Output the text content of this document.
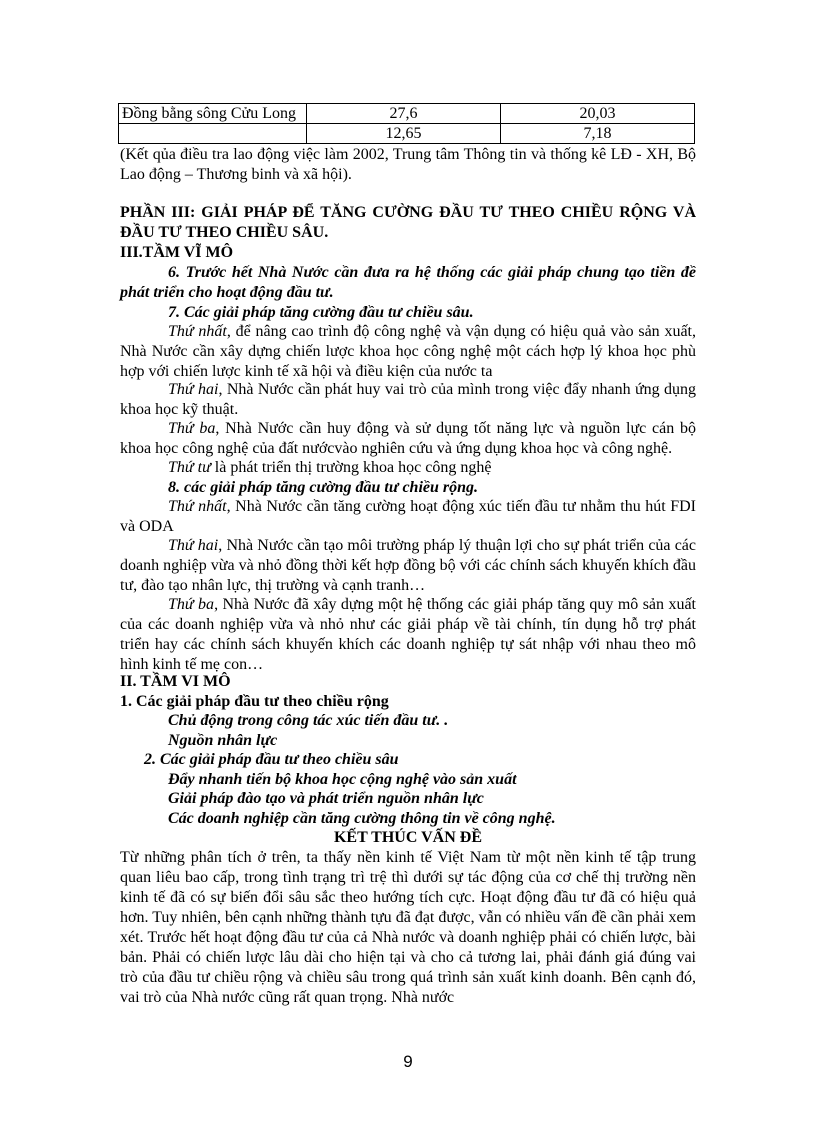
Đồng bằng sông Cửu Long	27,6	20,03
	12,65	7,18
(Kết qủa điều tra lao động việc làm 2002, Trung tâm Thông tin và thống kê LĐ - XH, Bộ Lao động – Thương binh và xã hội).
PHẦN III: GIẢI PHÁP ĐỂ TĂNG CƯỜNG ĐẦU TƯ THEO CHIỀU RỘNG VÀ ĐẦU TƯ THEO CHIỀU SÂU.
III.TẦM VĨ MÔ
6. Trước hết Nhà Nước cần đưa ra hệ thống các giải pháp chung tạo tiền đề phát triển cho hoạt động đầu tư.
7. Các giải pháp tăng cường đầu tư chiều sâu.
Thứ nhất, để nâng cao trình độ công nghệ và vận dụng có hiệu quả vào sản xuất, Nhà Nước cần xây dựng chiến lược khoa học công nghệ một cách hợp lý khoa học phù hợp với chiến lược kinh tế xã hội và điều kiện của nước ta
Thứ hai, Nhà Nước cần phát huy vai trò của mình trong việc đẩy nhanh ứng dụng khoa học kỹ thuật.
Thứ ba, Nhà Nước cần huy động và sử dụng tốt năng lực và nguồn lực cán bộ khoa học công nghệ của đất nướcvào nghiên cứu và ứng dụng khoa học và công nghệ.
Thứ tư là phát triển thị trường khoa học công nghệ
8. các giải pháp tăng cường đầu tư chiều rộng.
Thứ nhất, Nhà Nước cần tăng cường hoạt động xúc tiến đầu tư nhằm thu hút FDI và ODA
Thứ hai, Nhà Nước cần tạo môi trường pháp lý thuận lợi cho sự phát triển của các doanh nghiệp vừa và nhỏ đồng thời kết hợp đồng bộ với các chính sách khuyến khích đầu tư, đào tạo nhân lực, thị trường và cạnh tranh…
Thứ ba, Nhà Nước đã xây dựng một hệ thống các giải pháp tăng quy mô sản xuất của các doanh nghiệp vừa và nhỏ như các giải pháp về tài chính, tín dụng hỗ trợ phát triển hay các chính sách khuyến khích các doanh nghiệp tự sát nhập với nhau theo mô hình kinh tế mẹ con…
II. TẦM VI MÔ
1. Các giải pháp đầu tư theo chiều rộng
Chủ động trong công tác xúc tiến đầu tư. .
Nguồn nhân lực
2. Các giải pháp đầu tư theo chiều sâu
Đẩy nhanh tiến bộ khoa học cộng nghệ vào sản xuất
Giải pháp đào tạo và phát triển nguồn nhân lực
Các doanh nghiệp cần tăng cường thông tin về công nghệ.
KẾT THÚC VẤN ĐỀ
Từ những phân tích ở trên, ta thấy nền kinh tế Việt Nam từ một nền kinh tế tập trung quan liêu bao cấp, trong tình trạng trì trệ thì dưới sự tác động của cơ chế thị trường nền kinh tế đã có sự biến đổi sâu sắc theo hướng tích cực. Hoạt động đầu tư đã có hiệu quả hơn. Tuy nhiên, bên cạnh những thành tựu đã đạt được, vẫn có nhiều vấn đề cần phải xem xét. Trước hết hoạt động đầu tư của cả Nhà nước và doanh nghiệp phải có chiến lược, bài bản. Phải có chiến lược lâu dài cho hiện tại và cho cả tương lai, phải đánh giá đúng vai trò của đầu tư chiều rộng và chiều sâu trong quá trình sản xuất kinh doanh. Bên cạnh đó, vai trò của Nhà nước cũng rất quan trọng. Nhà nước
9
